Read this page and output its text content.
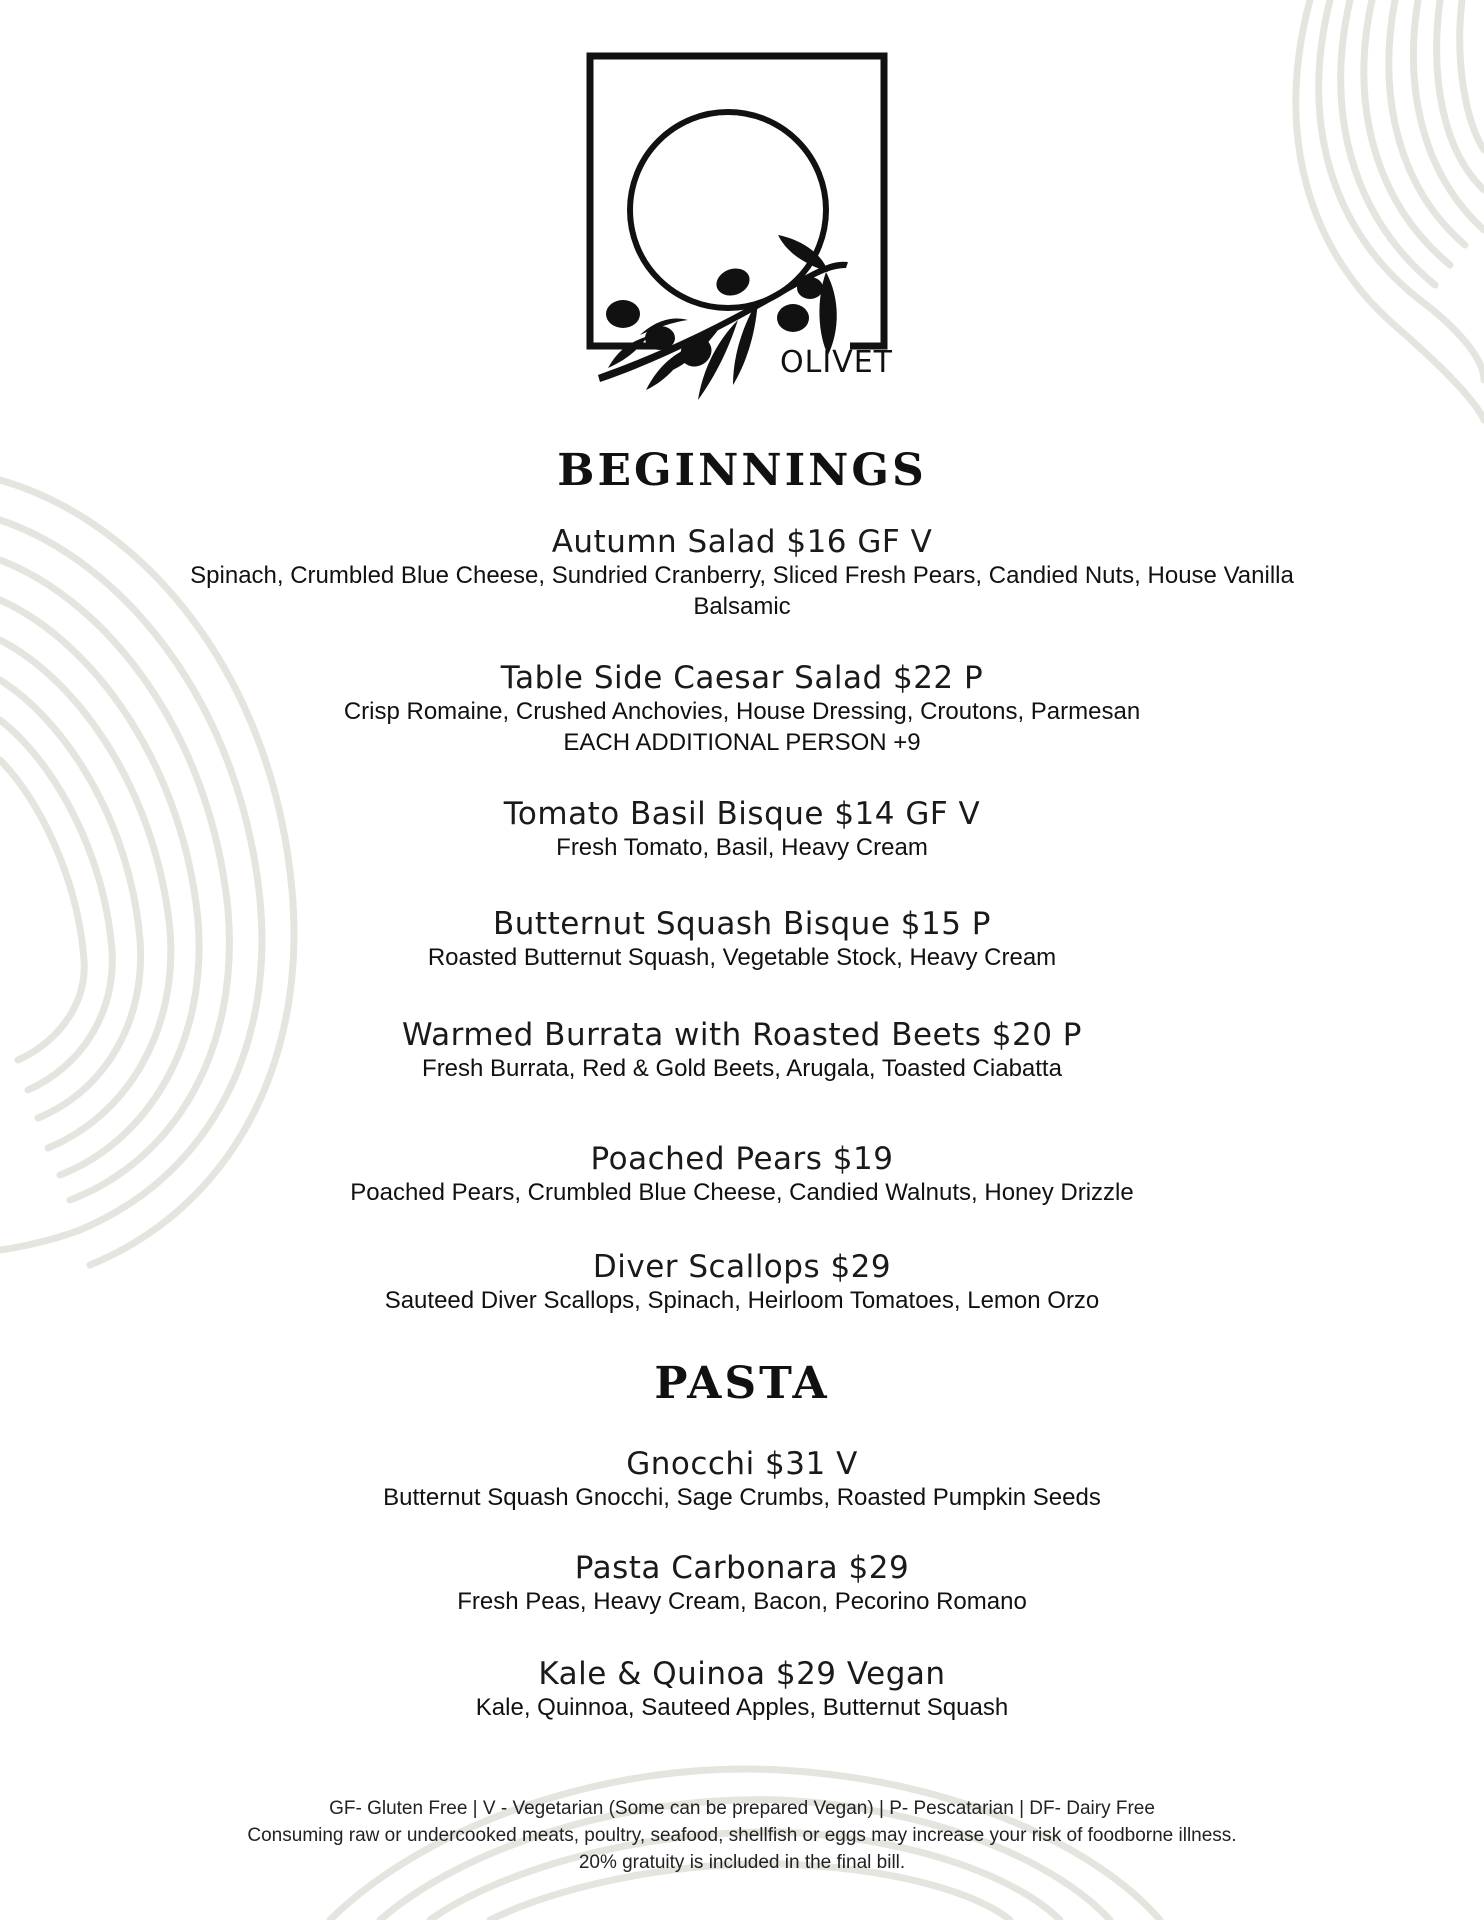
OLIVET
BEGINNINGS
Autumn Salad $16 GF V
Spinach, Crumbled Blue Cheese, Sundried Cranberry, Sliced Fresh Pears, Candied Nuts, House Vanilla Balsamic
Table Side Caesar Salad $22 P
Crisp Romaine, Crushed Anchovies, House Dressing, Croutons, Parmesan
EACH ADDITIONAL PERSON +9
Tomato Basil Bisque $14 GF V
Fresh Tomato, Basil, Heavy Cream
Butternut Squash Bisque $15 P
Roasted Butternut Squash, Vegetable Stock, Heavy Cream
Warmed Burrata with Roasted Beets $20 P
Fresh Burrata, Red & Gold Beets, Arugala, Toasted Ciabatta
Poached Pears $19
Poached Pears, Crumbled Blue Cheese, Candied Walnuts, Honey Drizzle
Diver Scallops $29
Sauteed Diver Scallops, Spinach, Heirloom Tomatoes, Lemon Orzo
PASTA
Gnocchi $31 V
Butternut Squash Gnocchi, Sage Crumbs, Roasted Pumpkin Seeds
Pasta Carbonara $29
Fresh Peas, Heavy Cream, Bacon, Pecorino Romano
Kale & Quinoa $29 Vegan
Kale, Quinnoa, Sauteed Apples, Butternut Squash
GF- Gluten Free | V - Vegetarian (Some can be prepared Vegan) | P- Pescatarian | DF- Dairy Free
Consuming raw or undercooked meats, poultry, seafood, shellfish or eggs may increase your risk of foodborne illness.
20% gratuity is included in the final bill.
